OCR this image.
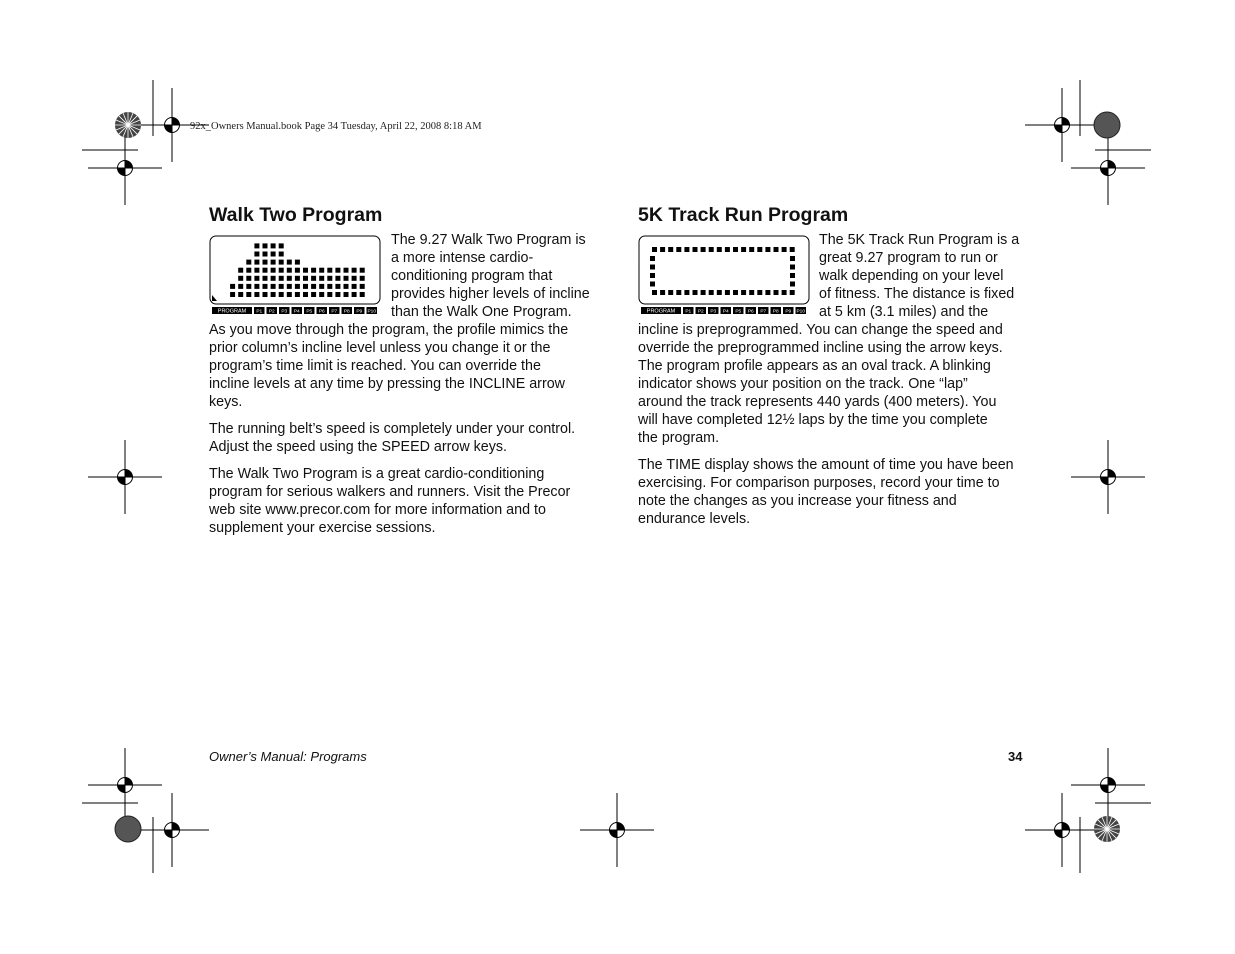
92x_Owners Manual.book Page 34 Tuesday, April 22, 2008 8:18 AM
Walk Two Program
PROGRAM P1 P2 P3 P4 P5 P6 P7 P8 P9 P10
The 9.27 Walk Two Program is
a more intense cardio-
conditioning program that
provides higher levels of incline
than the Walk One Program.
As you move through the program, the profile mimics the
prior column’s incline level unless you change it or the
program’s time limit is reached. You can override the
incline levels at any time by pressing the INCLINE arrow
keys.
The running belt’s speed is completely under your control.
Adjust the speed using the SPEED arrow keys.
The Walk Two Program is a great cardio-conditioning
program for serious walkers and runners. Visit the Precor
web site www.precor.com for more information and to
supplement your exercise sessions.
5K Track Run Program
PROGRAM P1 P2 P3 P4 P5 P6 P7 P8 P9 P10
The 5K Track Run Program is a
great 9.27 program to run or
walk depending on your level
of fitness. The distance is fixed
at 5 km (3.1 miles) and the
incline is preprogrammed. You can change the speed and
override the preprogrammed incline using the arrow keys.
The program profile appears as an oval track. A blinking
indicator shows your position on the track. One “lap”
around the track represents 440 yards (400 meters). You
will have completed 12½ laps by the time you complete
the program.
The TIME display shows the amount of time you have been
exercising. For comparison purposes, record your time to
note the changes as you increase your fitness and
endurance levels.
Owner’s Manual: Programs	34
